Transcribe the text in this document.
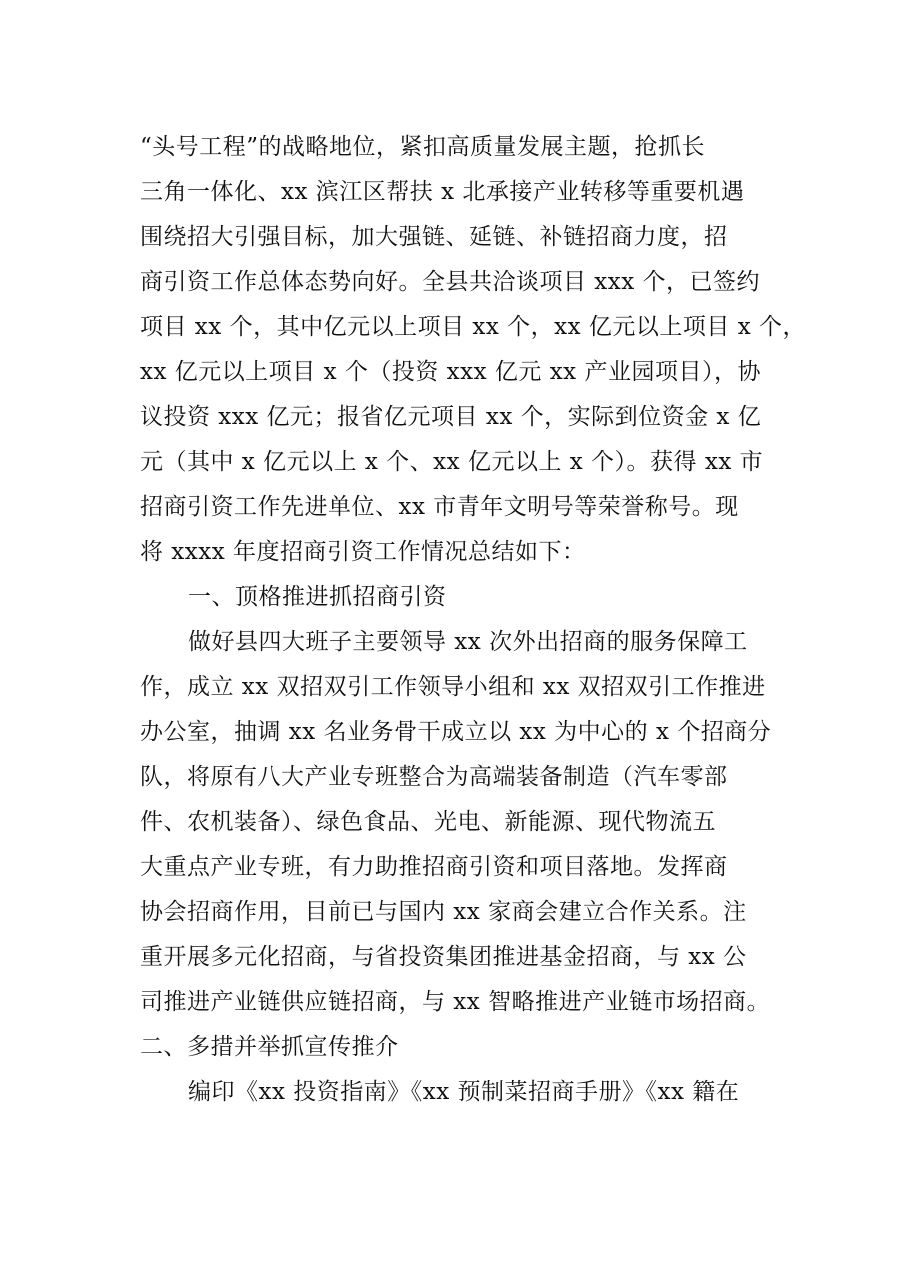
“头号工程”的战略地位，紧扣高质量发展主题，抢抓长
三角一体化、xx 滨江区帮扶 x 北承接产业转移等重要机遇
围绕招大引强目标，加大强链、延链、补链招商力度，招
商引资工作总体态势向好。全县共洽谈项目 xxx 个，已签约
项目 xx 个，其中亿元以上项目 xx 个，xx 亿元以上项目 x 个，
xx 亿元以上项目 x 个（投资 xxx 亿元 xx 产业园项目），协
议投资 xxx 亿元；报省亿元项目 xx 个，实际到位资金 x 亿
元（其中 x 亿元以上 x 个、xx 亿元以上 x 个）。获得 xx 市
招商引资工作先进单位、xx 市青年文明号等荣誉称号。现
将 xxxx 年度招商引资工作情况总结如下：
一、顶格推进抓招商引资
做好县四大班子主要领导 xx 次外出招商的服务保障工
作，成立 xx 双招双引工作领导小组和 xx 双招双引工作推进
办公室，抽调 xx 名业务骨干成立以 xx 为中心的 x 个招商分
队，将原有八大产业专班整合为高端装备制造（汽车零部
件、农机装备）、绿色食品、光电、新能源、现代物流五
大重点产业专班，有力助推招商引资和项目落地。发挥商
协会招商作用，目前已与国内 xx 家商会建立合作关系。注
重开展多元化招商，与省投资集团推进基金招商，与 xx 公
司推进产业链供应链招商，与 xx 智略推进产业链市场招商。
二、多措并举抓宣传推介
编印《xx 投资指南》《xx 预制菜招商手册》《xx 籍在
